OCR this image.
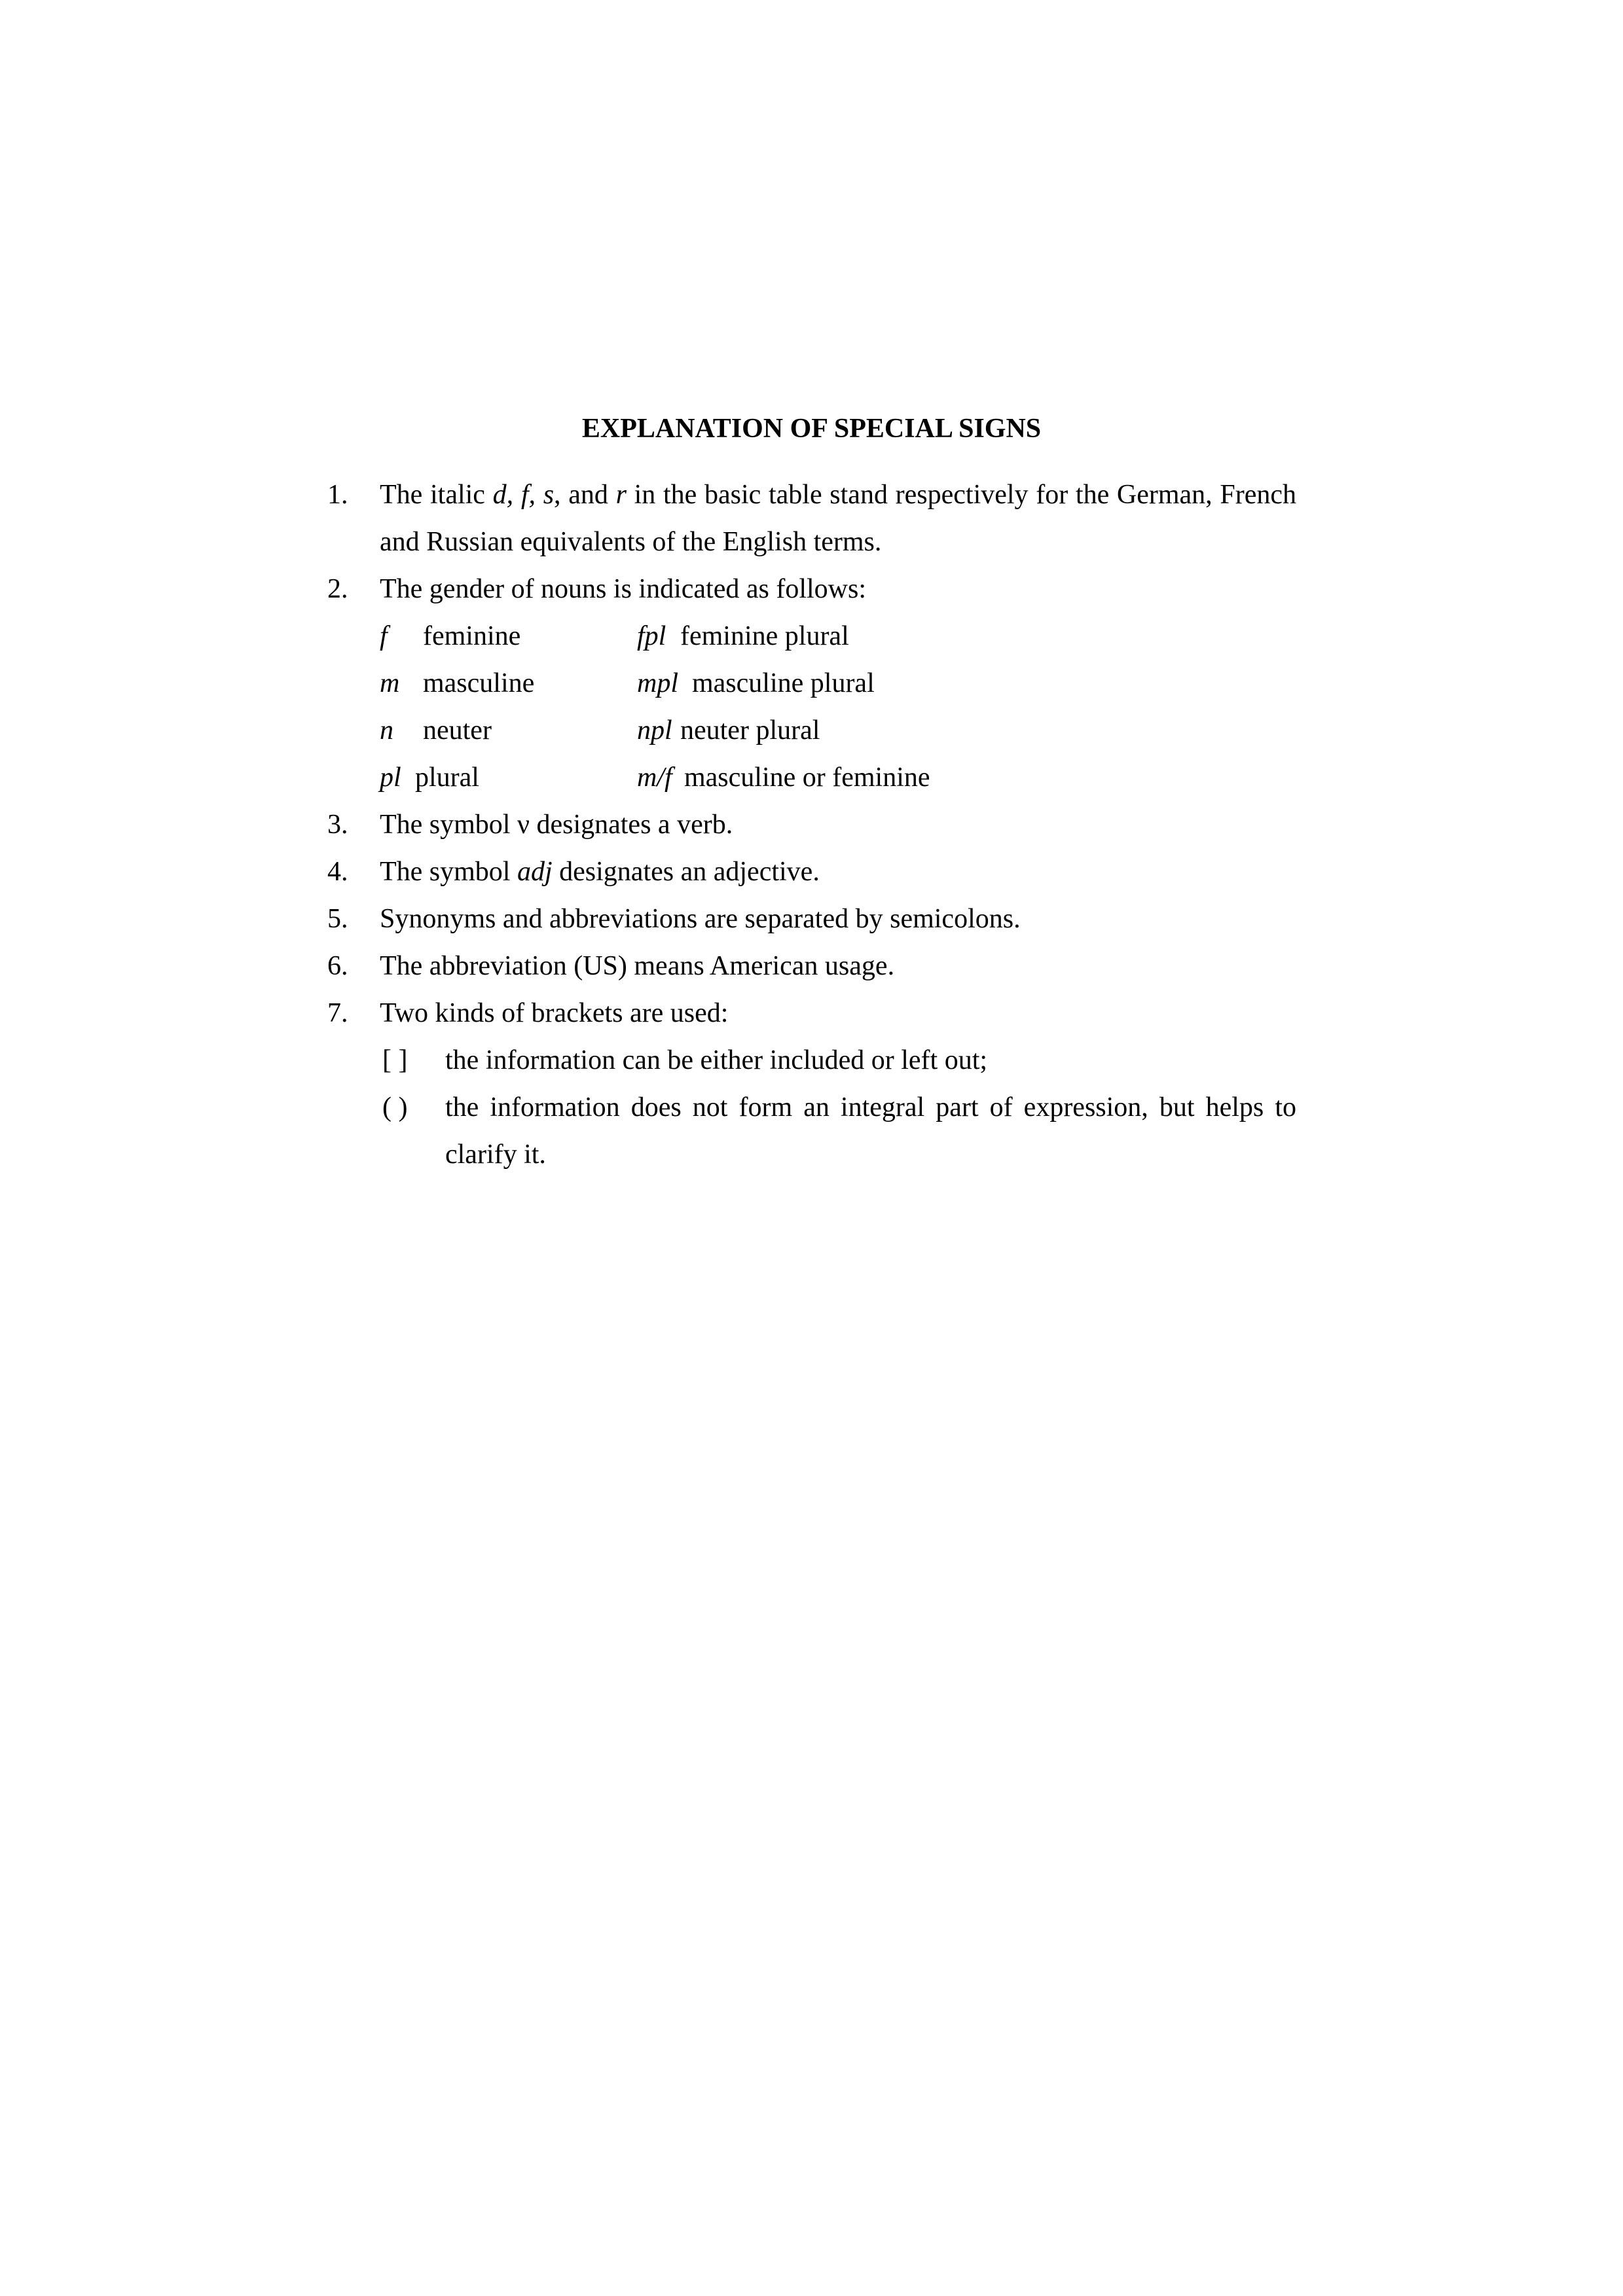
EXPLANATION OF SPECIAL SIGNS
1.	The italic d, f, s, and r in the basic table stand respectively for the German, French and Russian equivalents of the English terms.
2.	The gender of nouns is indicated as follows:
f feminine	fpl feminine plural
m masculine	mpl masculine plural
n neuter	npl neuter plural
pl plural	m/f masculine or feminine
3.	The symbol ν designates a verb.
4.	The symbol adj designates an adjective.
5.	Synonyms and abbreviations are separated by semicolons.
6.	The abbreviation (US) means American usage.
7.	Two kinds of brackets are used:
[ ]	the information can be either included or left out;
( )	the information does not form an integral part of expression, but helps to clarify it.
